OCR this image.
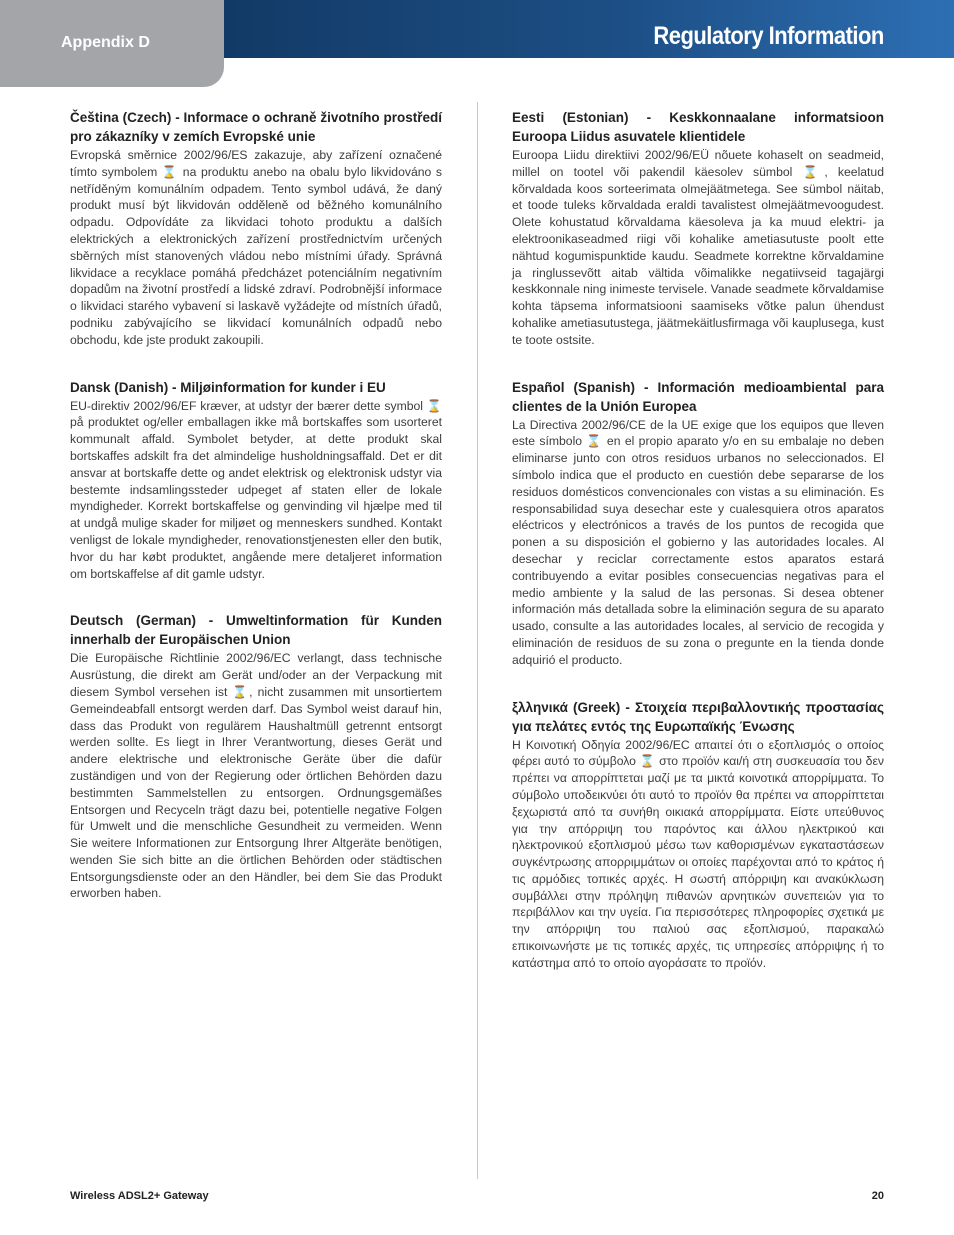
Appendix D	Regulatory Information

Čeština (Czech) - Informace o ochraně životního prostředí pro zákazníky v zemích Evropské unie

Evropská směrnice 2002/96/ES zakazuje, aby zařízení označené tímto symbolem ⌛ na produktu anebo na obalu bylo likvidováno s netříděným komunálním odpadem. Tento symbol udává, že daný produkt musí být likvidován odděleně od běžného komunálního odpadu. Odpovídáte za likvidaci tohoto produktu a dalších elektrických a elektronických zařízení prostřednictvím určených sběrných míst stanovených vládou nebo místními úřady. Správná likvidace a recyklace pomáhá předcházet potenciálním negativním dopadům na životní prostředí a lidské zdraví. Podrobnější informace o likvidaci starého vybavení si laskavě vyžádejte od místních úřadů, podniku zabývajícího se likvidací komunálních odpadů nebo obchodu, kde jste produkt zakoupili.

Dansk (Danish) - Miljøinformation for kunder i EU

EU-direktiv 2002/96/EF kræver, at udstyr der bærer dette symbol ⌛ på produktet og/eller emballagen ikke må bortskaffes som usorteret kommunalt affald. Symbolet betyder, at dette produkt skal bortskaffes adskilt fra det almindelige husholdningsaffald. Det er dit ansvar at bortskaffe dette og andet elektrisk og elektronisk udstyr via bestemte indsamlingssteder udpeget af staten eller de lokale myndigheder. Korrekt bortskaffelse og genvinding vil hjælpe med til at undgå mulige skader for miljøet og menneskers sundhed. Kontakt venligst de lokale myndigheder, renovationstjenesten eller den butik, hvor du har købt produktet, angående mere detaljeret information om bortskaffelse af dit gamle udstyr.

Deutsch (German) - Umweltinformation für Kunden innerhalb der Europäischen Union

Die Europäische Richtlinie 2002/96/EC verlangt, dass technische Ausrüstung, die direkt am Gerät und/oder an der Verpackung mit diesem Symbol versehen ist ⌛, nicht zusammen mit unsortiertem Gemeindeabfall entsorgt werden darf. Das Symbol weist darauf hin, dass das Produkt von regulärem Haushaltmüll getrennt entsorgt werden sollte. Es liegt in Ihrer Verantwortung, dieses Gerät und andere elektrische und elektronische Geräte über die dafür zuständigen und von der Regierung oder örtlichen Behörden dazu bestimmten Sammelstellen zu entsorgen. Ordnungsgemäßes Entsorgen und Recyceln trägt dazu bei, potentielle negative Folgen für Umwelt und die menschliche Gesundheit zu vermeiden. Wenn Sie weitere Informationen zur Entsorgung Ihrer Altgeräte benötigen, wenden Sie sich bitte an die örtlichen Behörden oder städtischen Entsorgungsdienste oder an den Händler, bei dem Sie das Produkt erworben haben.

Eesti (Estonian) - Keskkonnaalane informatsioon Euroopa Liidus asuvatele klientidele

Euroopa Liidu direktiivi 2002/96/EÜ nõuete kohaselt on seadmeid, millel on tootel või pakendil käesolev sümbol ⌛, keelatud kõrvaldada koos sorteerimata olmejäätmetega. See sümbol näitab, et toode tuleks kõrvaldada eraldi tavalistest olmejäätmevoogudest. Olete kohustatud kõrvaldama käesoleva ja ka muud elektri- ja elektroonikaseadmed riigi või kohalike ametiasutuste poolt ette nähtud kogumispunktide kaudu. Seadmete korrektne kõrvaldamine ja ringlussevõtt aitab vältida võimalikke negatiivseid tagajärgi keskkonnale ning inimeste tervisele. Vanade seadmete kõrvaldamise kohta täpsema informatsiooni saamiseks võtke palun ühendust kohalike ametiasutustega, jäätmekäitlusfirmaga või kauplusega, kust te toote ostsite.

Español (Spanish) - Información medioambiental para clientes de la Unión Europea

La Directiva 2002/96/CE de la UE exige que los equipos que lleven este símbolo ⌛ en el propio aparato y/o en su embalaje no deben eliminarse junto con otros residuos urbanos no seleccionados. El símbolo indica que el producto en cuestión debe separarse de los residuos domésticos convencionales con vistas a su eliminación. Es responsabilidad suya desechar este y cualesquiera otros aparatos eléctricos y electrónicos a través de los puntos de recogida que ponen a su disposición el gobierno y las autoridades locales. Al desechar y reciclar correctamente estos aparatos estará contribuyendo a evitar posibles consecuencias negativas para el medio ambiente y la salud de las personas. Si desea obtener información más detallada sobre la eliminación segura de su aparato usado, consulte a las autoridades locales, al servicio de recogida y eliminación de residuos de su zona o pregunte en la tienda donde adquirió el producto.

ξλληνικά (Greek) - Στοιχεία περιβαλλοντικής προστασίας για πελάτες εντός της Ευρωπαϊκής Ένωσης

Η Κοινοτική Οδηγία 2002/96/EC απαιτεί ότι ο εξοπλισμός ο οποίος φέρει αυτό το σύμβολο ⌛ στο προϊόν και/ή στη συσκευασία του δεν πρέπει να απορρίπτεται μαζί με τα μικτά κοινοτικά απορρίμματα. Το σύμβολο υποδεικνύει ότι αυτό το προϊόν θα πρέπει να απορρίπτεται ξεχωριστά από τα συνήθη οικιακά απορρίμματα. Είστε υπεύθυνος για την απόρριψη του παρόντος και άλλου ηλεκτρικού και ηλεκτρονικού εξοπλισμού μέσω των καθορισμένων εγκαταστάσεων συγκέντρωσης απορριμμάτων οι οποίες παρέχονται από το κράτος ή τις αρμόδιες τοπικές αρχές. Η σωστή απόρριψη και ανακύκλωση συμβάλλει στην πρόληψη πιθανών αρνητικών συνεπειών για το περιβάλλον και την υγεία. Για περισσότερες πληροφορίες σχετικά με την απόρριψη του παλιού σας εξοπλισμού, παρακαλώ επικοινωνήστε με τις τοπικές αρχές, τις υπηρεσίες απόρριψης ή το κατάστημα από το οποίο αγοράσατε το προϊόν.

Wireless ADSL2+ Gateway	20
